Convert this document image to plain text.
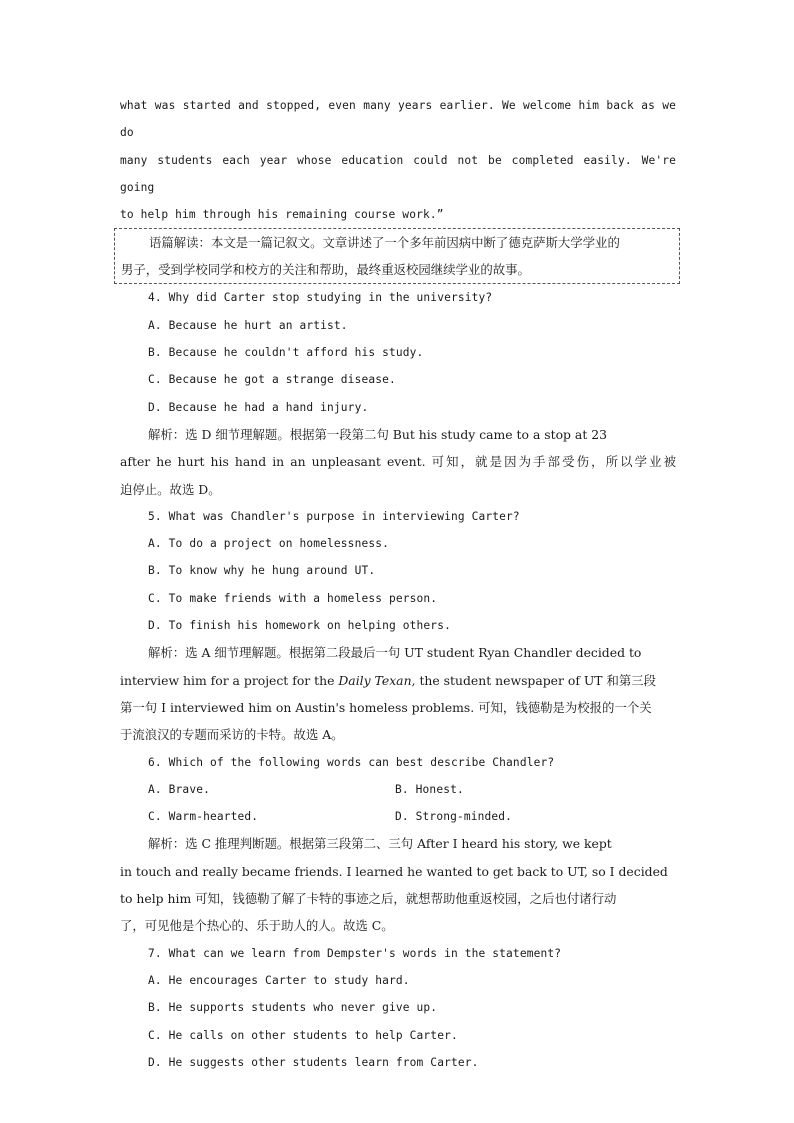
what was started and stopped, even many years earlier. We welcome him back as we do
many students each year whose education could not be completed easily. We're going
to help him through his remaining course work.”
语篇解读：本文是一篇记叙文。文章讲述了一个多年前因病中断了德克萨斯大学学业的
男子，受到学校同学和校方的关注和帮助，最终重返校园继续学业的故事。
4. Why did Carter stop studying in the university?
A. Because he hurt an artist.
B. Because he couldn't afford his study.
C. Because he got a strange disease.
D. Because he had a hand injury.
解析：选 D 细节理解题。根据第一段第二句 But his study came to a stop at 23
after he hurt his hand in an unpleasant event. 可知，就是因为手部受伤，所以学业被
迫停止。故选 D。
5. What was Chandler's purpose in interviewing Carter?
A. To do a project on homelessness.
B. To know why he hung around UT.
C. To make friends with a homeless person.
D. To finish his homework on helping others.
解析：选 A 细节理解题。根据第二段最后一句 UT student Ryan Chandler decided to
interview him for a project for the Daily Texan, the student newspaper of UT 和第三段
第一句 I interviewed him on Austin's homeless problems. 可知，钱德勒是为校报的一个关
于流浪汉的专题而采访的卡特。故选 A。
6. Which of the following words can best describe Chandler?
A. Brave.	B. Honest.
C. Warm-hearted.	D. Strong-minded.
解析：选 C 推理判断题。根据第三段第二、三句 After I heard his story, we kept
in touch and really became friends. I learned he wanted to get back to UT, so I decided
to help him 可知，钱德勒了解了卡特的事迹之后，就想帮助他重返校园，之后也付诸行动
了，可见他是个热心的、乐于助人的人。故选 C。
7. What can we learn from Dempster's words in the statement?
A. He encourages Carter to study hard.
B. He supports students who never give up.
C. He calls on other students to help Carter.
D. He suggests other students learn from Carter.
